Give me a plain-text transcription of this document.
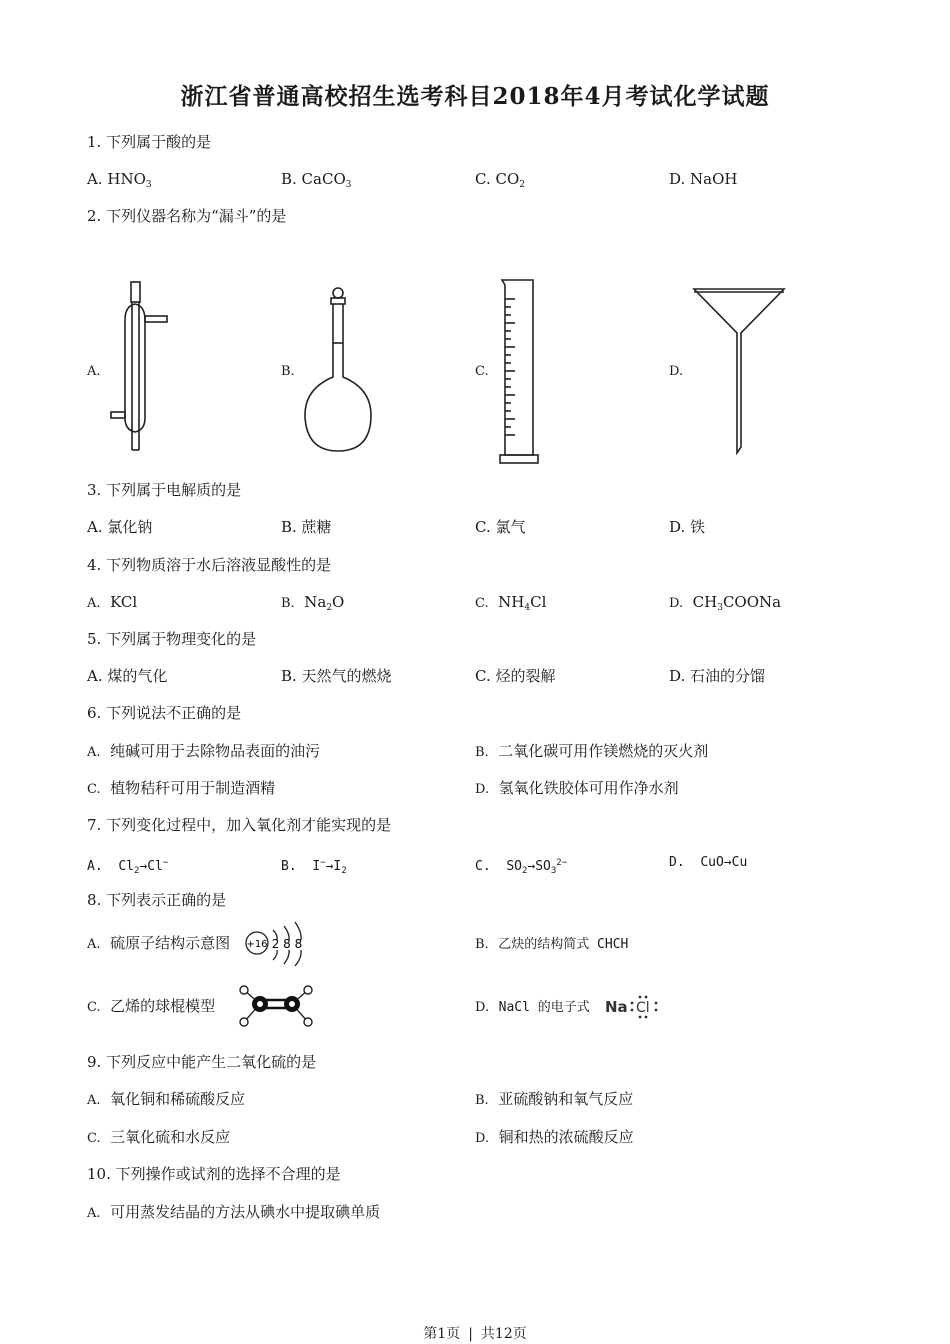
浙江省普通高校招生选考科目2018年4月考试化学试题
1. 下列属于酸的是
A. $HNO_3$	B. CaCO$_3$	C. $CO_2$	D. NaOH
2. 下列仪器名称为“漏斗”的是
A.	B.	C.	D.
3. 下列属于电解质的是
A. 氯化钠	B. 蔗糖	C. 氯气	D. 铁
4. 下列物质溶于水后溶液显酸性的是
A. KCl	B. $Na_2O$	C. $NH_4Cl$	D. $CH_3COONa$
5. 下列属于物理变化的是
A. 煤的气化	B. 天然气的燃烧	C. 烃的裂解	D. 石油的分馏
6. 下列说法不正确的是
A. 纯碱可用于去除物品表面的油污	B. 二氧化碳可用作镁燃烧的灭火剂
C. 植物秸秆可用于制造酒精	D. 氢氧化铁胶体可用作净水剂
7. 下列变化过程中，加入氧化剂才能实现的是
A. $Cl_2\to Cl^-$	B. $I^-\to I_2$	C. $SO_2\to SO_3^{2-}$	D. CuO→Cu
8. 下列表示正确的是
A. 硫原子结构示意图	B. 乙炔的结构简式 CHCH
+16 2 8 8
C. 乙烯的球棍模型	D. NaCl 的电子式 Na Cl
9. 下列反应中能产生二氧化硫的是
A. 氧化铜和稀硫酸反应	B. 亚硫酸钠和氧气反应
C. 三氧化硫和水反应	D. 铜和热的浓硫酸反应
10. 下列操作或试剂的选择不合理的是
A. 可用蒸发结晶的方法从碘水中提取碘单质
第1页 | 共12页
